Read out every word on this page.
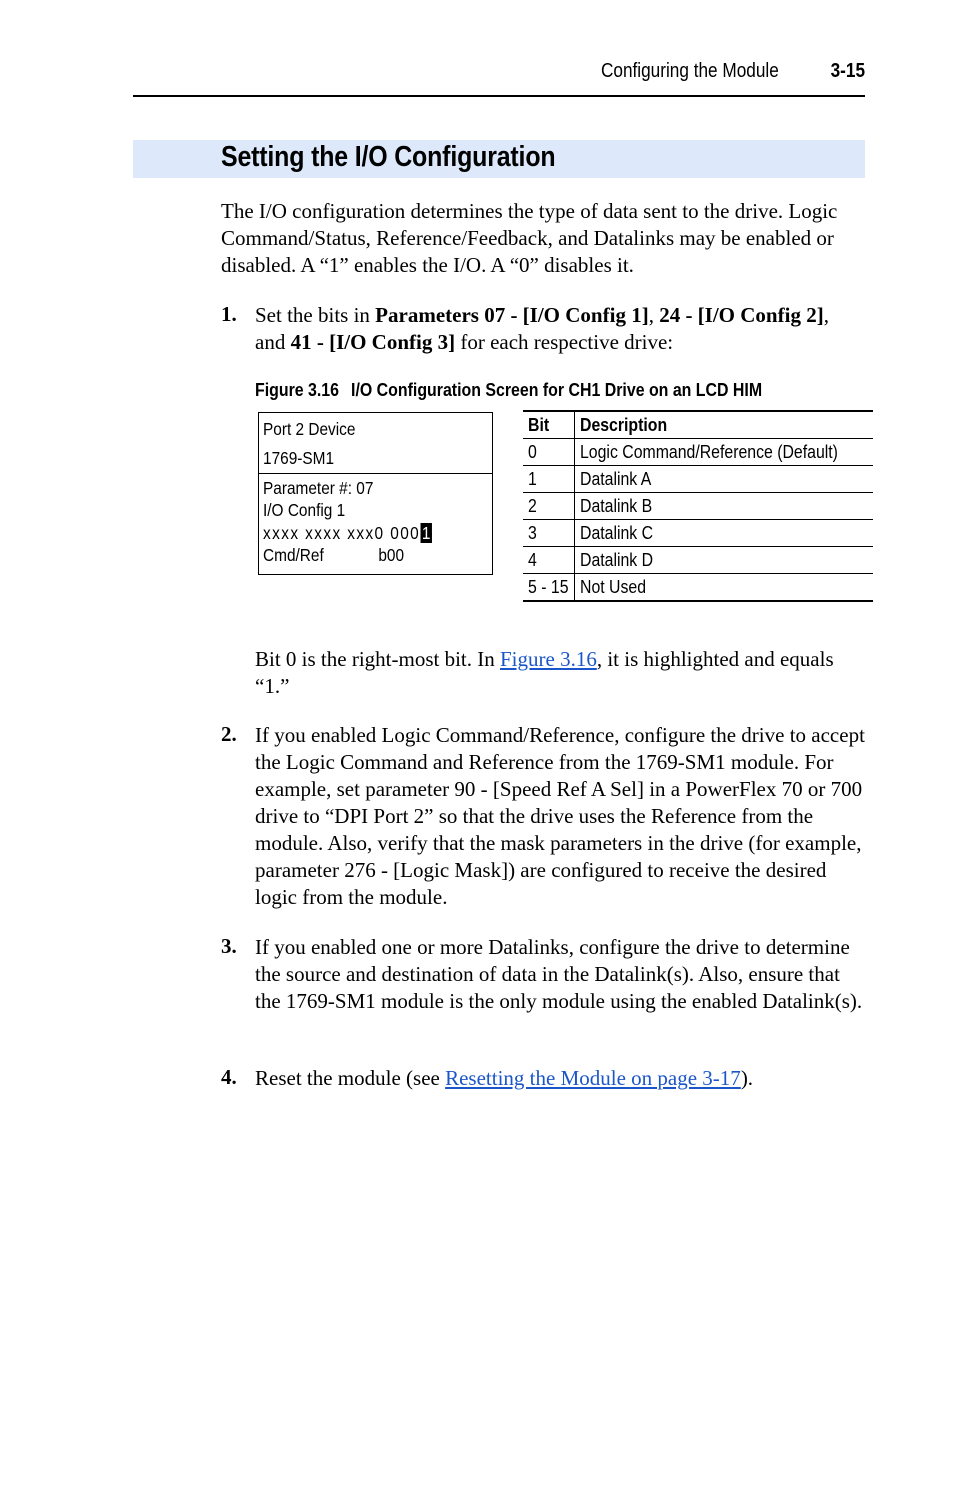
Configuring the Module	3-15
Setting the I/O Configuration

The I/O configuration determines the type of data sent to the drive. Logic Command/Status, Reference/Feedback, and Datalinks may be enabled or disabled. A “1” enables the I/O. A “0” disables it.

1. Set the bits in Parameters 07 - [I/O Config 1], 24 - [I/O Config 2],
and 41 - [I/O Config 3] for each respective drive:

Figure 3.16 I/O Configuration Screen for CH1 Drive on an LCD HIM
Port 2 Device
1769-SM1
Parameter #: 07
I/O Config 1
xxxx xxxx xxx0 000 1
Cmd/Ref	b00
Bit	Description
0	Logic Command/Reference (Default)
1	Datalink A
2	Datalink B
3	Datalink C
4	Datalink D
5 - 15	Not Used

Bit 0 is the right-most bit. In Figure 3.16, it is highlighted and equals “1.”

2. If you enabled Logic Command/Reference, configure the drive to accept the Logic Command and Reference from the 1769-SM1 module. For example, set parameter 90 - [Speed Ref A Sel] in a PowerFlex 70 or 700 drive to “DPI Port 2” so that the drive uses the Reference from the module. Also, verify that the mask parameters in the drive (for example, parameter 276 - [Logic Mask]) are configured to receive the desired logic from the module.

3. If you enabled one or more Datalinks, configure the drive to determine the source and destination of data in the Datalink(s). Also, ensure that the 1769-SM1 module is the only module using the enabled Datalink(s).

4. Reset the module (see Resetting the Module on page 3-17).
